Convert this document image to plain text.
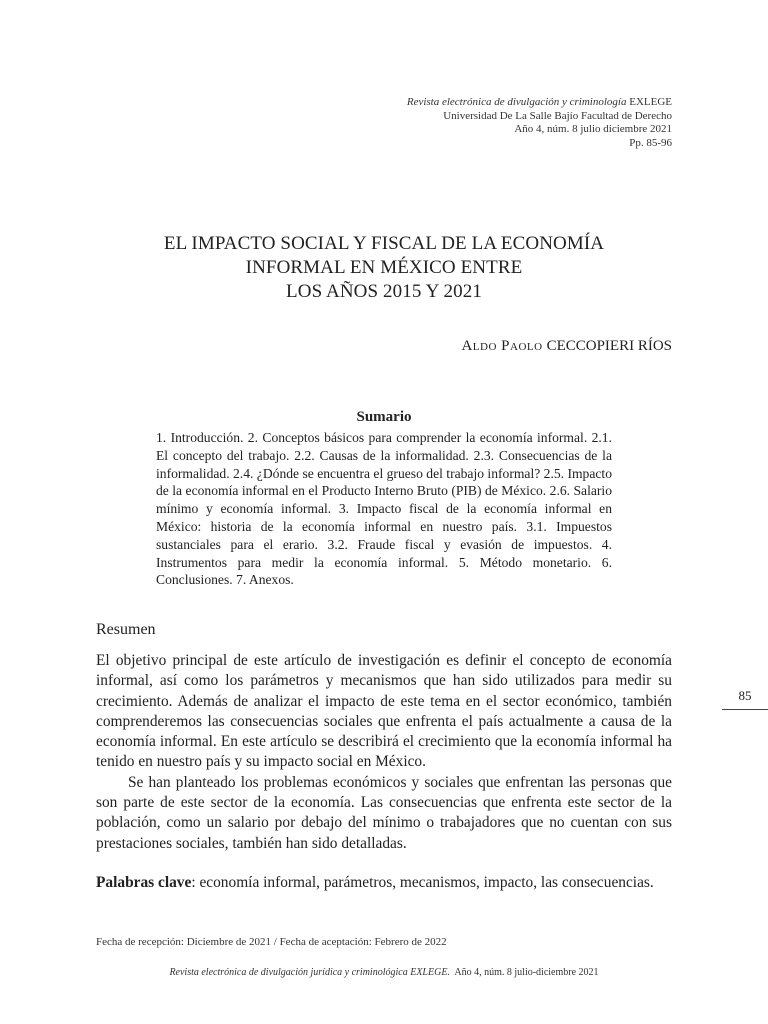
Revista electrónica de divulgación y criminología EXLEGE
Universidad De La Salle Bajío Facultad de Derecho
Año 4, núm. 8 julio diciembre 2021
Pp. 85-96
EL IMPACTO SOCIAL Y FISCAL DE LA ECONOMÍA
INFORMAL EN MÉXICO ENTRE
LOS AÑOS 2015 Y 2021
Aldo Paolo CECCOPIERI RÍOS
Sumario
1. Introducción. 2. Conceptos básicos para comprender la economía informal. 2.1. El concepto del trabajo. 2.2. Causas de la informalidad. 2.3. Consecuencias de la informalidad. 2.4. ¿Dónde se encuentra el grueso del trabajo informal? 2.5. Impacto de la economía informal en el Producto Interno Bruto (PIB) de México. 2.6. Salario mínimo y economía informal. 3. Impacto fiscal de la economía informal en México: historia de la economía informal en nuestro país. 3.1. Impuestos sustanciales para el erario. 3.2. Fraude fiscal y evasión de impuestos. 4. Instrumentos para medir la economía informal. 5. Método monetario. 6. Conclusiones. 7. Anexos.
Resumen

El objetivo principal de este artículo de investigación es definir el concepto de economía informal, así como los parámetros y mecanismos que han sido utilizados para medir su crecimiento. Además de analizar el impacto de este tema en el sector económico, también comprenderemos las consecuencias sociales que enfrenta el país actualmente a causa de la economía informal. En este artículo se describirá el crecimiento que la economía informal ha tenido en nuestro país y su impacto social en México.

Se han planteado los problemas económicos y sociales que enfrentan las personas que son parte de este sector de la economía. Las consecuencias que enfrenta este sector de la población, como un salario por debajo del mínimo o trabajadores que no cuentan con sus prestaciones sociales, también han sido detalladas.

Palabras clave: economía informal, parámetros, mecanismos, impacto, las consecuencias.
85
Fecha de recepción: Diciembre de 2021 / Fecha de aceptación: Febrero de 2022
Revista electrónica de divulgación jurídica y criminológica EXLEGE. Año 4, núm. 8 julio-diciembre 2021
